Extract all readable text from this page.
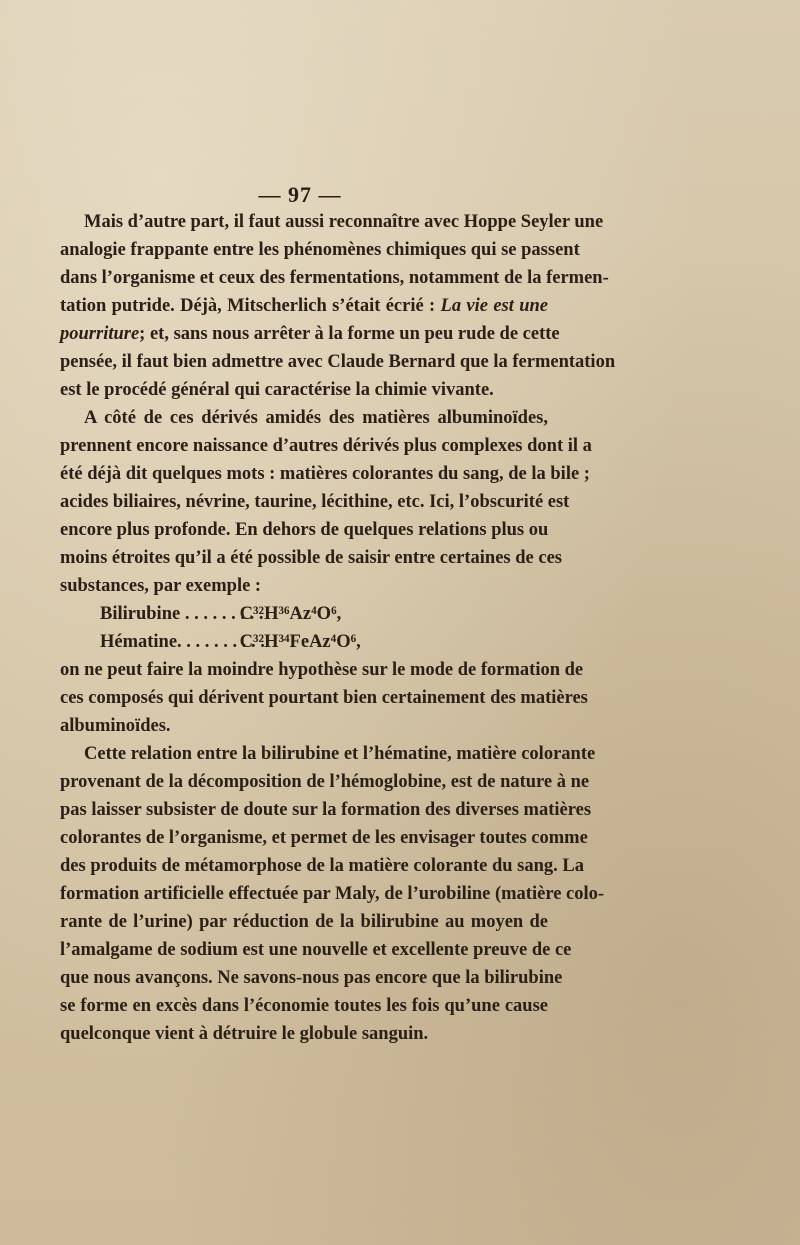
— 97 —
Mais d’autre part, il faut aussi reconnaître avec Hoppe Seyler une
analogie frappante entre les phénomènes chimiques qui se passent
dans l’organisme et ceux des fermentations, notamment de la fermen-
tation putride. Déjà, Mitscherlich s’était écrié : La vie est une
pourriture; et, sans nous arrêter à la forme un peu rude de cette
pensée, il faut bien admettre avec Claude Bernard que la fermentation
est le procédé général qui caractérise la chimie vivante.
A côté de ces dérivés amidés des matières albuminoïdes,
prennent encore naissance d’autres dérivés plus complexes dont il a
été déjà dit quelques mots : matières colorantes du sang, de la bile ;
acides biliaires, névrine, taurine, lécithine, etc. Ici, l’obscurité est
encore plus profonde. En dehors de quelques relations plus ou
moins étroites qu’il a été possible de saisir entre certaines de ces
substances, par exemple :
Bilirubine . . . . . . . . . C³²H³⁶Az⁴O⁶,
Hématine. . . . . . . . . . C³²H³⁴FeAz⁴O⁶,
on ne peut faire la moindre hypothèse sur le mode de formation de
ces composés qui dérivent pourtant bien certainement des matières
albuminoïdes.
Cette relation entre la bilirubine et l’hématine, matière colorante
provenant de la décomposition de l’hémoglobine, est de nature à ne
pas laisser subsister de doute sur la formation des diverses matières
colorantes de l’organisme, et permet de les envisager toutes comme
des produits de métamorphose de la matière colorante du sang. La
formation artificielle effectuée par Maly, de l’urobiline (matière colo-
rante de l’urine) par réduction de la bilirubine au moyen de
l’amalgame de sodium est une nouvelle et excellente preuve de ce
que nous avançons. Ne savons-nous pas encore que la bilirubine
se forme en excès dans l’économie toutes les fois qu’une cause
quelconque vient à détruire le globule sanguin.
